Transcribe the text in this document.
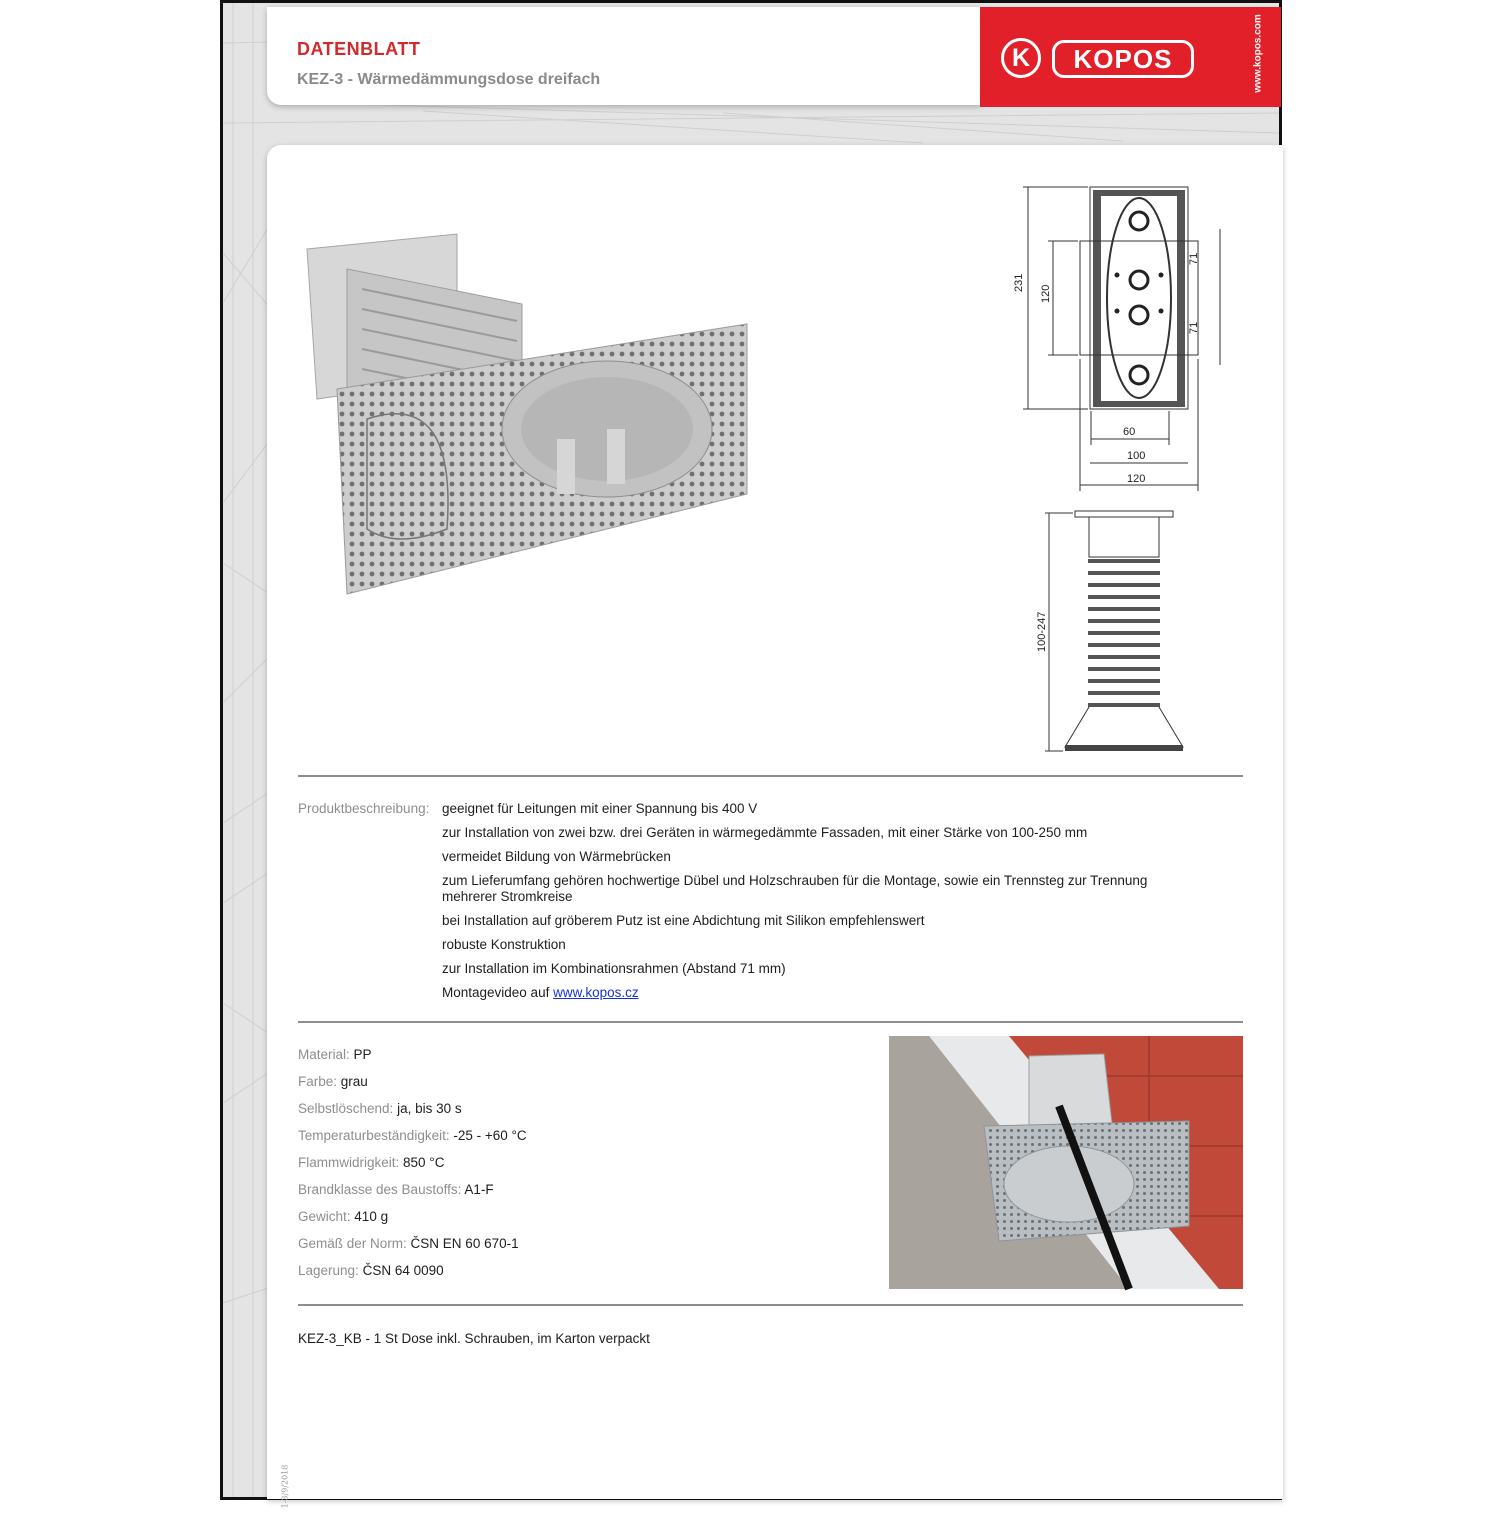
DATENBLATT
KEZ-3 - Wärmedämmungsdose dreifach
K	KOPOS	www.kopos.com
231
120
71
71
60
100
120
100-247
Produktbeschreibung: geeignet für Leitungen mit einer Spannung bis 400 V
zur Installation von zwei bzw. drei Geräten in wärmegedämmte Fassaden, mit einer Stärke von 100-250 mm
vermeidet Bildung von Wärmebrücken
zum Lieferumfang gehören hochwertige Dübel und Holzschrauben für die Montage, sowie ein Trennsteg zur Trennung mehrerer Stromkreise
bei Installation auf gröberem Putz ist eine Abdichtung mit Silikon empfehlenswert
robuste Konstruktion
zur Installation im Kombinationsrahmen (Abstand 71 mm)
Montagevideo auf www.kopos.cz
Material: PP
Farbe: grau
Selbstlöschend: ja, bis 30 s
Temperaturbeständigkeit: -25 - +60 °C
Flammwidrigkeit: 850 °C
Brandklasse des Baustoffs: A1-F
Gewicht: 410 g
Gemäß der Norm: ČSN EN 60 670-1
Lagerung: ČSN 64 0090
KEZ-3_KB - 1 St Dose inkl. Schrauben, im Karton verpackt
1-3/9/2018
